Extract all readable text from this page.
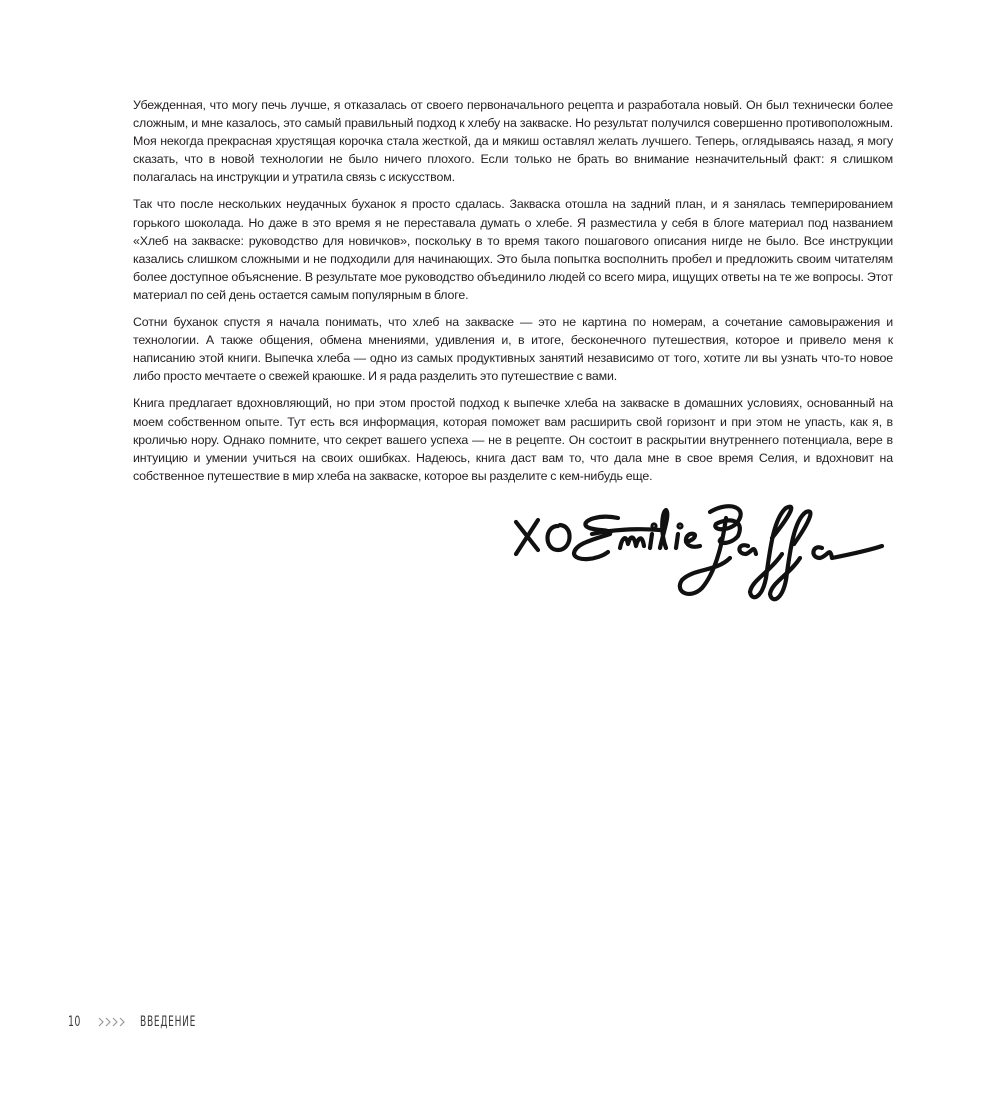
Убежденная, что могу печь лучше, я отказалась от своего первоначального рецепта и разработала новый. Он был технически более сложным, и мне казалось, это самый правильный подход к хлебу на закваске. Но результат получился совершенно противоположным. Моя некогда прекрасная хрустящая корочка стала жесткой, да и мякиш оставлял желать лучшего. Теперь, оглядываясь назад, я могу сказать, что в новой технологии не было ничего плохого. Если только не брать во внимание незначительный факт: я слишком полагалась на инструкции и утратила связь с искусством.

Так что после нескольких неудачных буханок я просто сдалась. Закваска отошла на задний план, и я занялась темперированием горького шоколада. Но даже в это время я не переставала думать о хлебе. Я разместила у себя в блоге материал под названием «Хлеб на закваске: руководство для новичков», поскольку в то время такого пошагового описания нигде не было. Все инструкции казались слишком сложными и не подходили для начинающих. Это была попытка восполнить пробел и предложить своим читателям более доступное объяснение. В результате мое руководство объединило людей со всего мира, ищущих ответы на те же вопросы. Этот материал по сей день остается самым популярным в блоге.

Сотни буханок спустя я начала понимать, что хлеб на закваске — это не картина по номерам, а сочетание самовыражения и технологии. А также общения, обмена мнениями, удивления и, в итоге, бесконечного путешествия, которое и привело меня к написанию этой книги. Выпечка хлеба — одно из самых продуктивных занятий независимо от того, хотите ли вы узнать что-то новое либо просто мечтаете о свежей краюшке. И я рада разделить это путешествие с вами.

Книга предлагает вдохновляющий, но при этом простой подход к выпечке хлеба на закваске в домашних условиях, основанный на моем собственном опыте. Тут есть вся информация, которая поможет вам расширить свой горизонт и при этом не упасть, как я, в кроличью нору. Однако помните, что секрет вашего успеха — не в рецепте. Он состоит в раскрытии внутреннего потенциала, вере в интуицию и умении учиться на своих ошибках. Надеюсь, книга даст вам то, что дала мне в свое время Селия, и вдохновит на собственное путешествие в мир хлеба на закваске, которое вы разделите с кем-нибудь еще.

10	ВВЕДЕНИЕ
